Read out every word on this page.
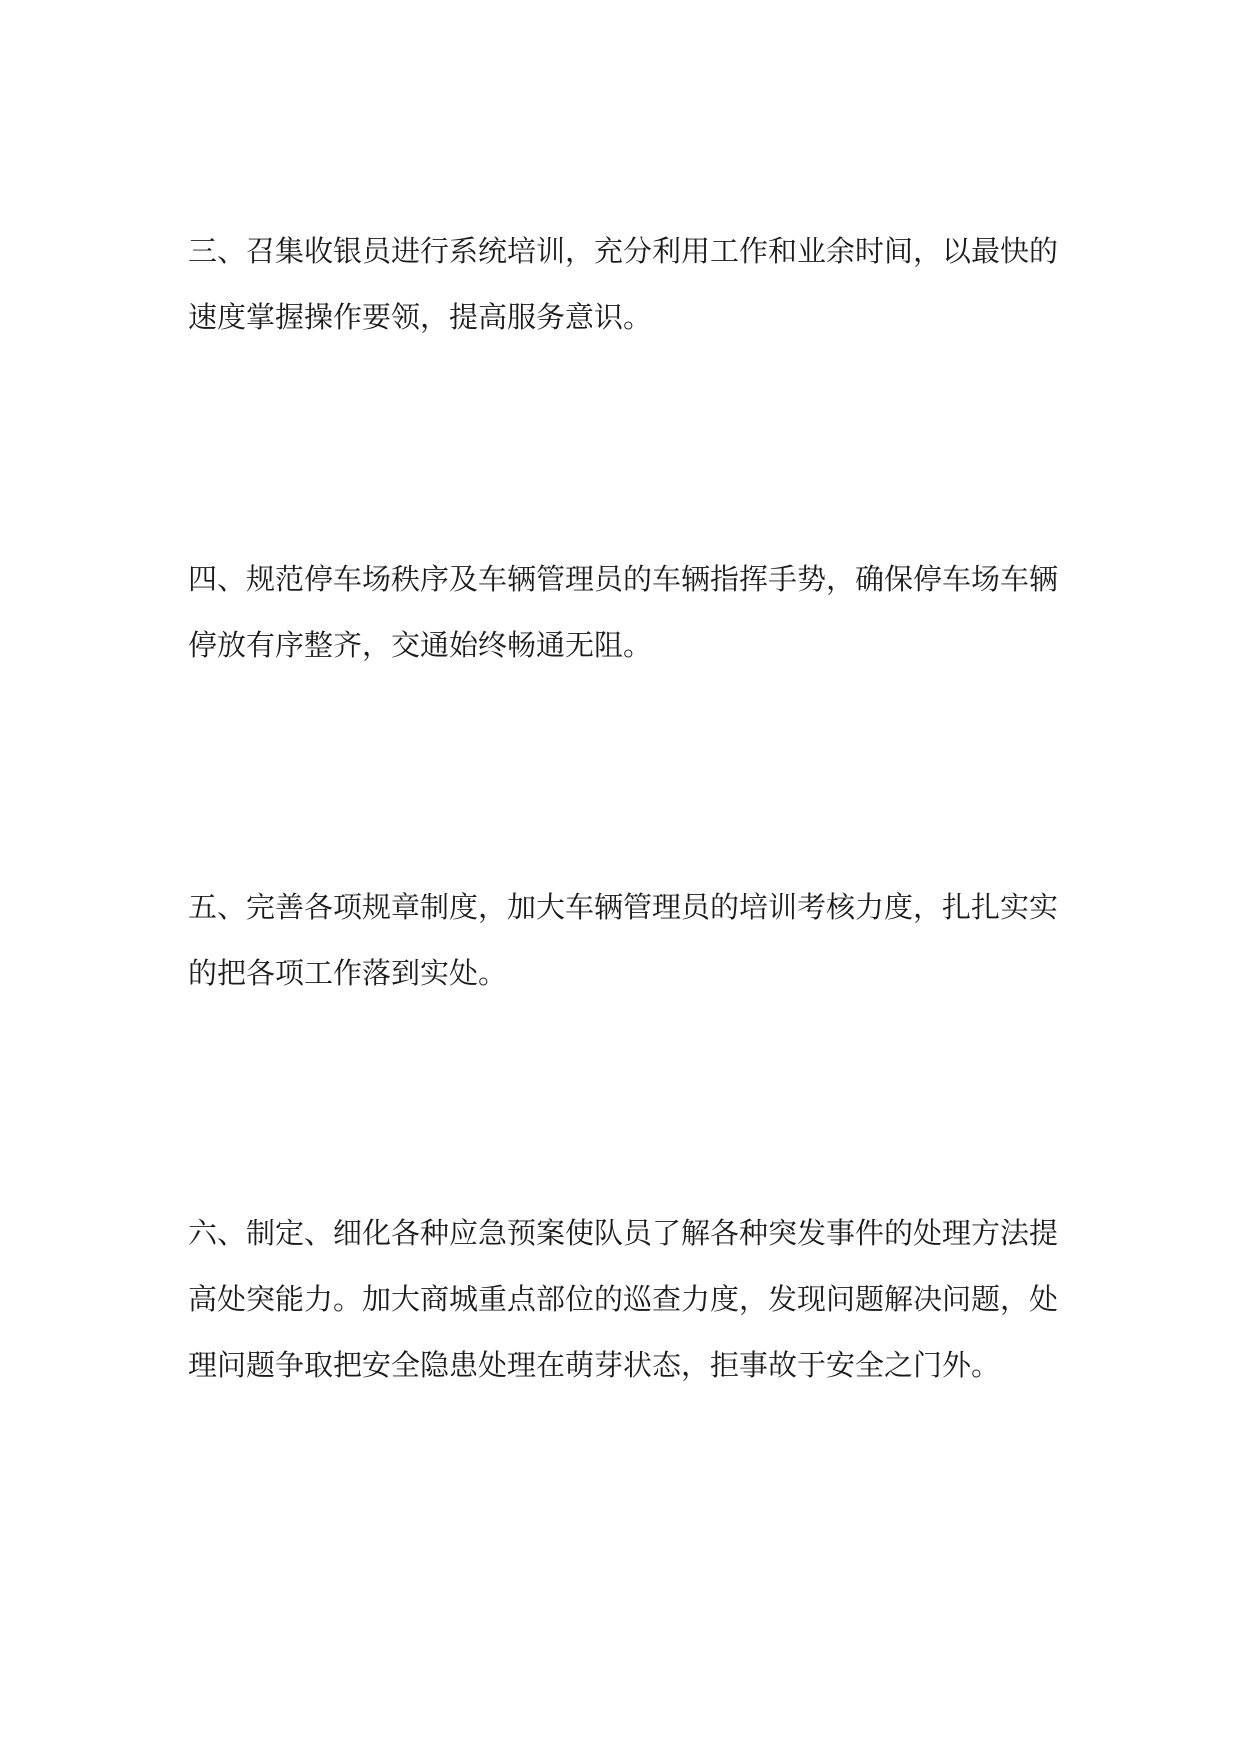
三、召集收银员进行系统培训，充分利用工作和业余时间，以最快的
速度掌握操作要领，提高服务意识。
四、规范停车场秩序及车辆管理员的车辆指挥手势，确保停车场车辆
停放有序整齐，交通始终畅通无阻。
五、完善各项规章制度，加大车辆管理员的培训考核力度，扎扎实实
的把各项工作落到实处。
六、制定、细化各种应急预案使队员了解各种突发事件的处理方法提
高处突能力。加大商城重点部位的巡查力度，发现问题解决问题，处
理问题争取把安全隐患处理在萌芽状态，拒事故于安全之门外。
